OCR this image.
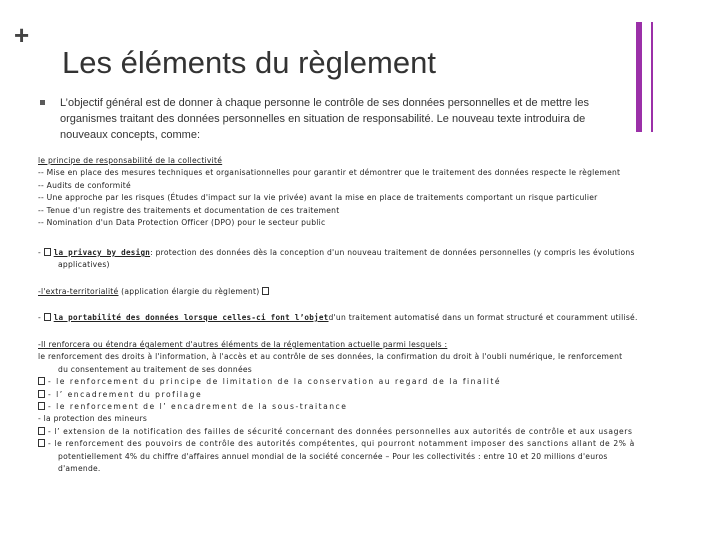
+
Les éléments du règlement
L’objectif général est de donner à chaque personne le contrôle de ses données personnelles et de mettre les organismes traitant des données personnelles en situation de responsabilité. Le nouveau texte introduira de nouveaux concepts, comme:
le principe de responsabilité de la collectivité
-- Mise en place des mesures techniques et organisationnelles pour garantir et démontrer que le traitement des données respecte le règlement
-- Audits de conformité
-- Une approche par les risques (Études d'impact sur la vie privée) avant la mise en place de traitements comportant un risque particulier
-- Tenue d'un registre des traitements et documentation de ces traitement
-- Nomination d'un Data Protection Officer (DPO) pour le secteur public
- la privacy by design: protection des données dès la conception d'un nouveau traitement de données personnelles (y compris les évolutions
applicatives)
-l'extra-territorialité (application élargie du règlement)
- la portabilité des données lorsque celles-ci font l’objetd'un traitement automatisé dans un format structuré et couramment utilisé.
-Il renforcera ou étendra également d'autres éléments de la réglementation actuelle parmi lesquels :
le renforcement des droits à l'information, à l'accès et au contrôle de ses données, la confirmation du droit à l'oubli numérique, le renforcement
du consentement au traitement de ses données
- le renforcement du principe de limitation de la conservation au regard de la finalité
- l’ encadrement du profilage
- le renforcement de l’ encadrement de la sous-traitance
- la protection des mineurs
- l’ extension de la notification des failles de sécurité concernant des données personnelles aux autorités de contrôle et aux usagers
- le renforcement des pouvoirs de contrôle des autorités compétentes, qui pourront notamment imposer des sanctions allant de 2% à
potentiellement 4% du chiffre d'affaires annuel mondial de la société concernée – Pour les collectivités : entre 10 et 20 millions d'euros
d'amende.
